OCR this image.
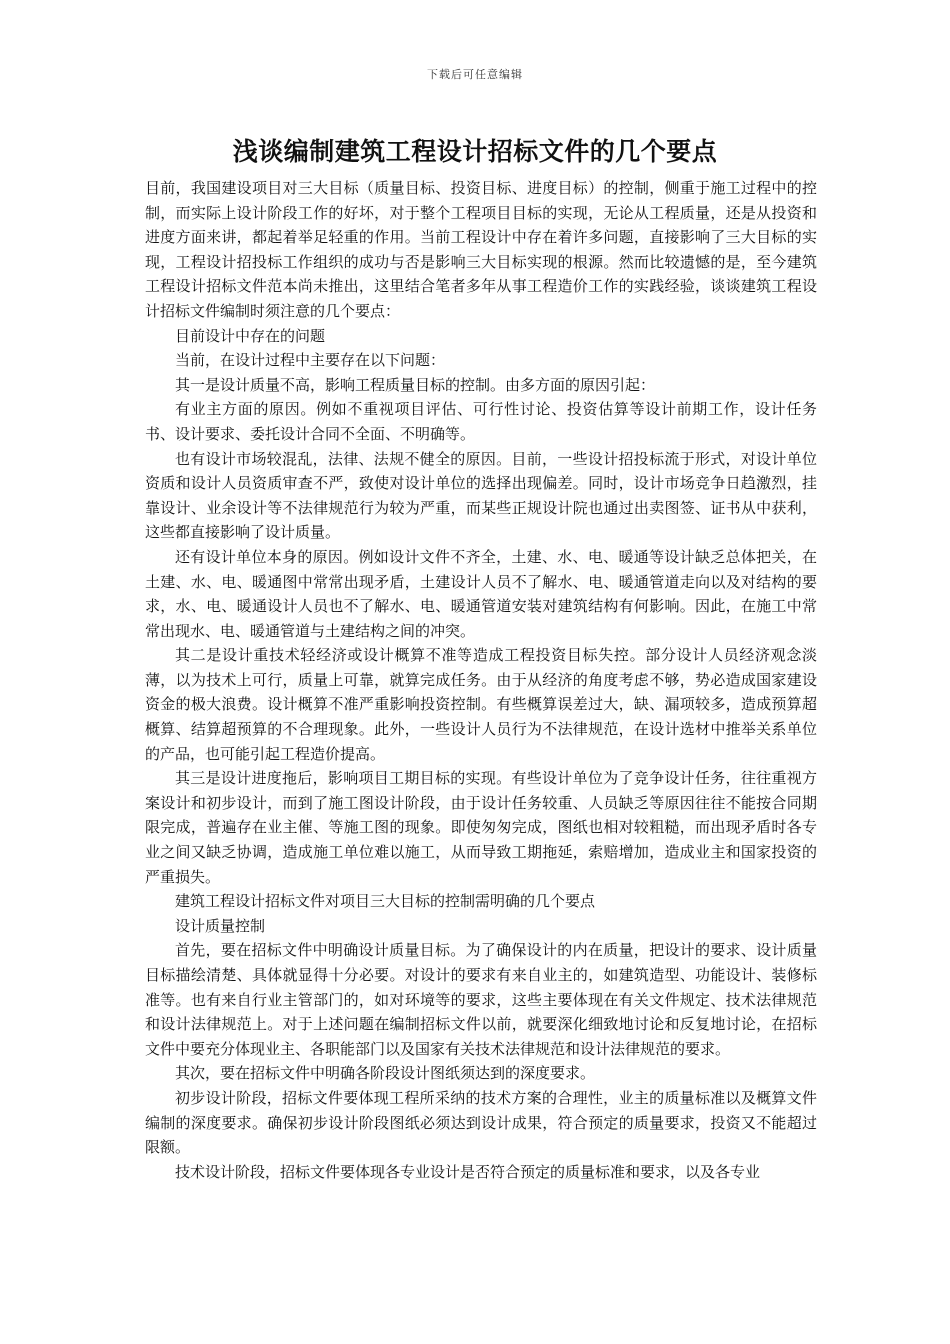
下载后可任意编辑
浅谈编制建筑工程设计招标文件的几个要点

目前，我国建设项目对三大目标（质量目标、投资目标、进度目标）的控制，侧重于施工过程中的控制，而实际上设计阶段工作的好坏，对于整个工程项目目标的实现，无论从工程质量，还是从投资和进度方面来讲，都起着举足轻重的作用。当前工程设计中存在着许多问题，直接影响了三大目标的实现，工程设计招投标工作组织的成功与否是影响三大目标实现的根源。然而比较遗憾的是，至今建筑工程设计招标文件范本尚未推出，这里结合笔者多年从事工程造价工作的实践经验，谈谈建筑工程设计招标文件编制时须注意的几个要点：

目前设计中存在的问题

当前，在设计过程中主要存在以下问题：

其一是设计质量不高，影响工程质量目标的控制。由多方面的原因引起：

有业主方面的原因。例如不重视项目评估、可行性讨论、投资估算等设计前期工作，设计任务书、设计要求、委托设计合同不全面、不明确等。

也有设计市场较混乱，法律、法规不健全的原因。目前，一些设计招投标流于形式，对设计单位资质和设计人员资质审查不严，致使对设计单位的选择出现偏差。同时，设计市场竞争日趋激烈，挂靠设计、业余设计等不法律规范行为较为严重，而某些正规设计院也通过出卖图签、证书从中获利，这些都直接影响了设计质量。

还有设计单位本身的原因。例如设计文件不齐全，土建、水、电、暖通等设计缺乏总体把关，在土建、水、电、暖通图中常常出现矛盾，土建设计人员不了解水、电、暖通管道走向以及对结构的要求，水、电、暖通设计人员也不了解水、电、暖通管道安装对建筑结构有何影响。因此，在施工中常常出现水、电、暖通管道与土建结构之间的冲突。

其二是设计重技术轻经济或设计概算不准等造成工程投资目标失控。部分设计人员经济观念淡薄，以为技术上可行，质量上可靠，就算完成任务。由于从经济的角度考虑不够，势必造成国家建设资金的极大浪费。设计概算不准严重影响投资控制。有些概算误差过大，缺、漏项较多，造成预算超概算、结算超预算的不合理现象。此外，一些设计人员行为不法律规范，在设计选材中推举关系单位的产品，也可能引起工程造价提高。

其三是设计进度拖后，影响项目工期目标的实现。有些设计单位为了竞争设计任务，往往重视方案设计和初步设计，而到了施工图设计阶段，由于设计任务较重、人员缺乏等原因往往不能按合同期限完成，普遍存在业主催、等施工图的现象。即使匆匆完成，图纸也相对较粗糙，而出现矛盾时各专业之间又缺乏协调，造成施工单位难以施工，从而导致工期拖延，索赔增加，造成业主和国家投资的严重损失。

建筑工程设计招标文件对项目三大目标的控制需明确的几个要点

设计质量控制

首先，要在招标文件中明确设计质量目标。为了确保设计的内在质量，把设计的要求、设计质量目标描绘清楚、具体就显得十分必要。对设计的要求有来自业主的，如建筑造型、功能设计、装修标准等。也有来自行业主管部门的，如对环境等的要求，这些主要体现在有关文件规定、技术法律规范和设计法律规范上。对于上述问题在编制招标文件以前，就要深化细致地讨论和反复地讨论，在招标文件中要充分体现业主、各职能部门以及国家有关技术法律规范和设计法律规范的要求。

其次，要在招标文件中明确各阶段设计图纸须达到的深度要求。

初步设计阶段，招标文件要体现工程所采纳的技术方案的合理性，业主的质量标准以及概算文件编制的深度要求。确保初步设计阶段图纸必须达到设计成果，符合预定的质量要求，投资又不能超过限额。

技术设计阶段，招标文件要体现各专业设计是否符合预定的质量标准和要求，以及各专业
